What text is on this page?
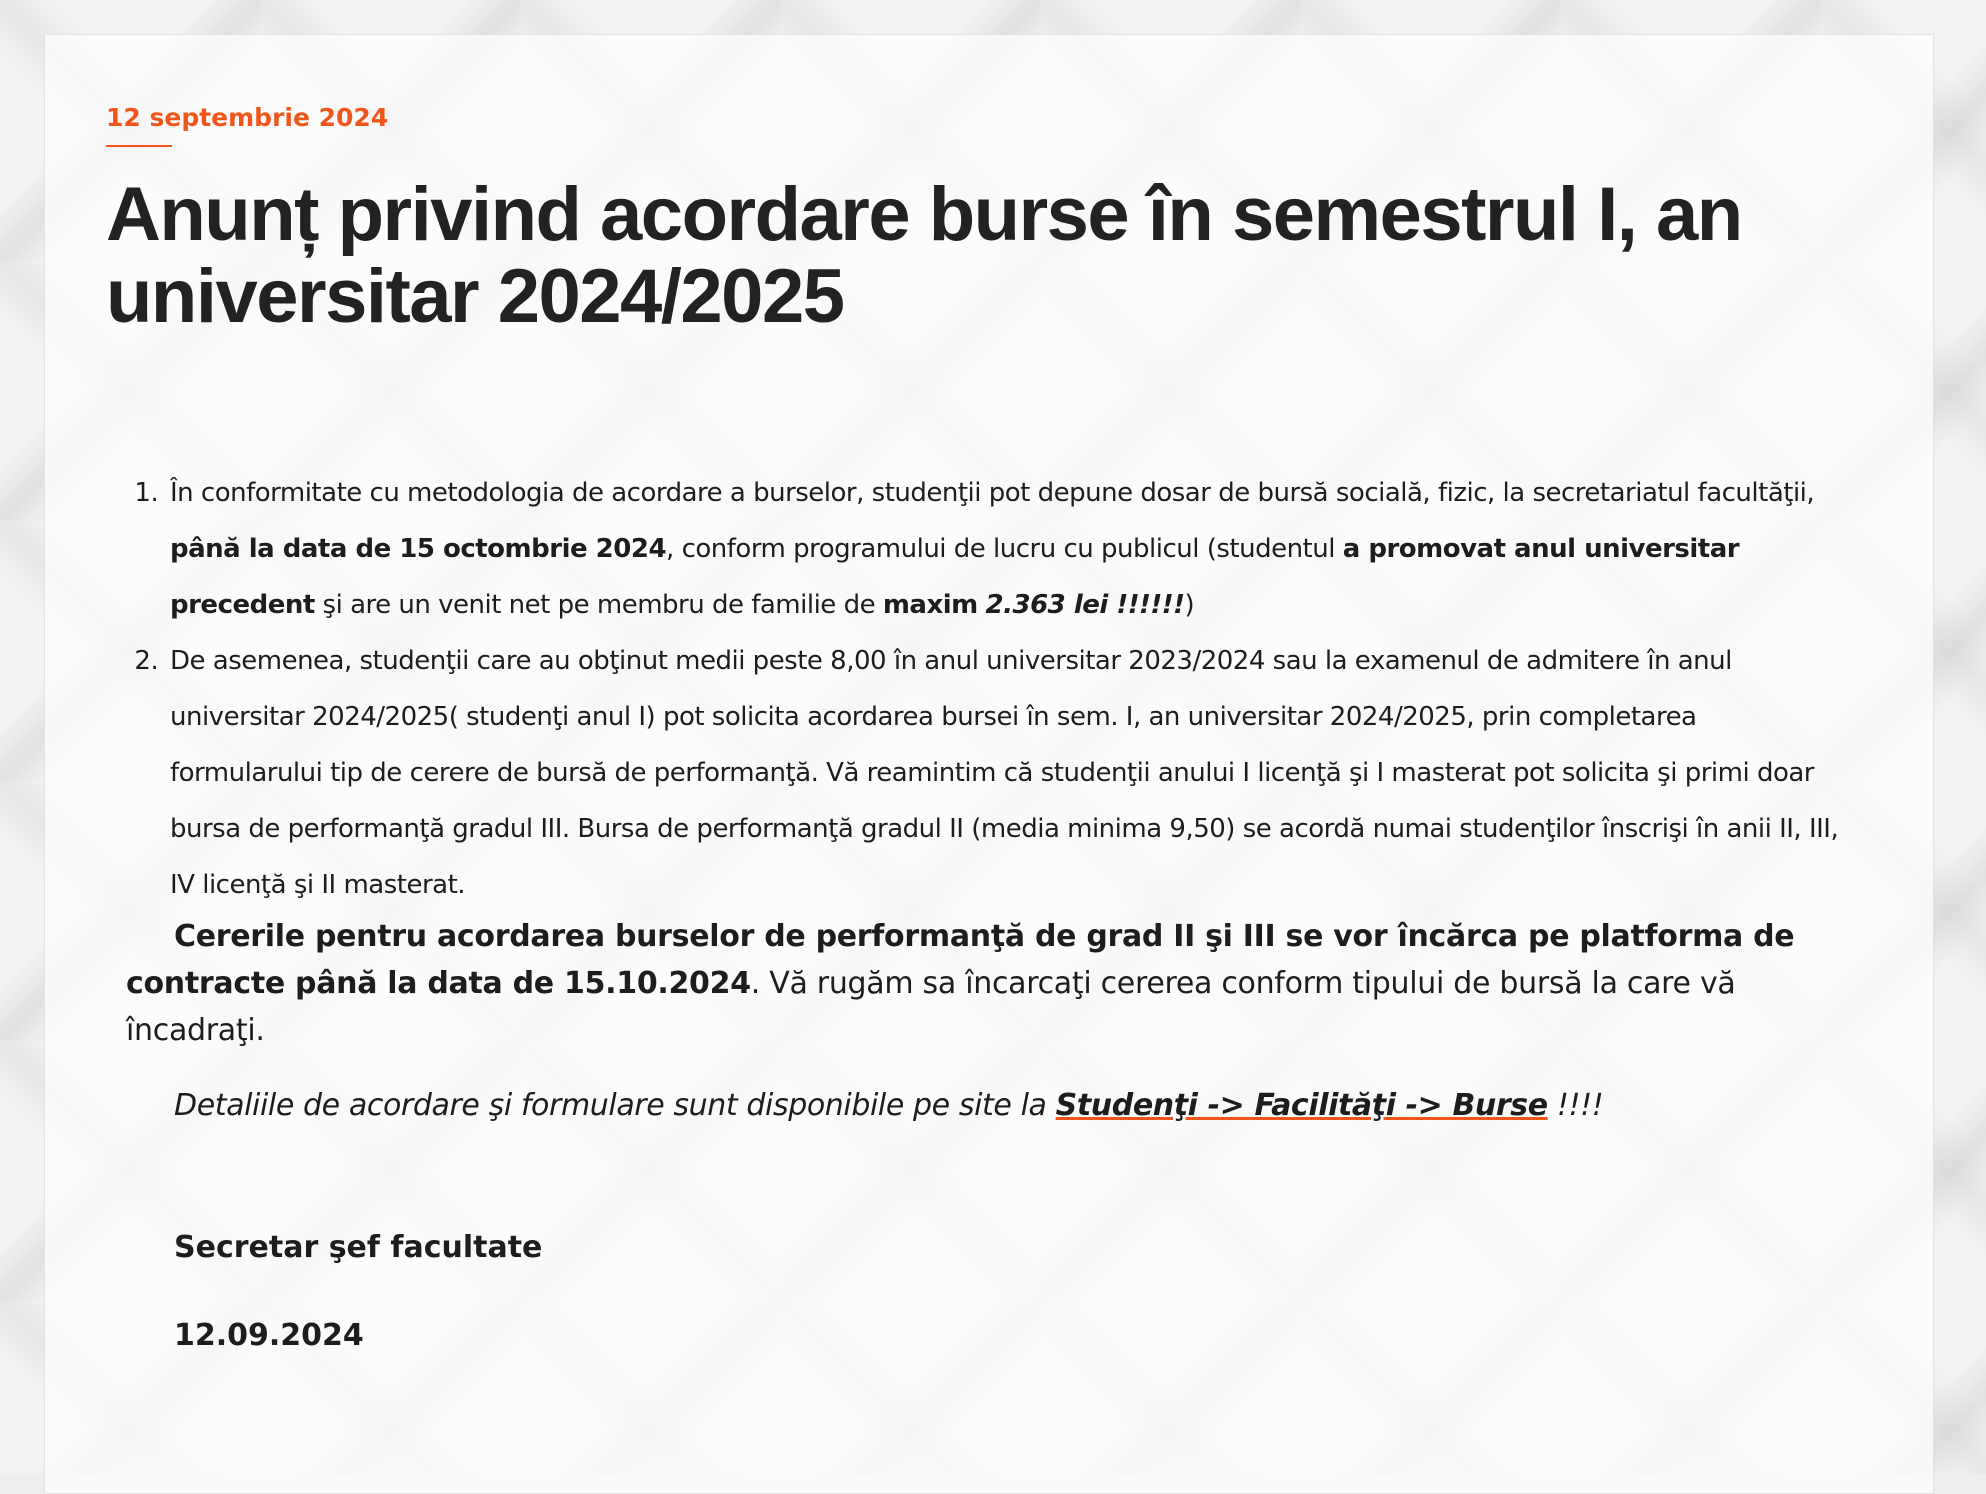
12 septembrie 2024

Anunț privind acordare burse în semestrul I, an universitar 2024/2025
1. În conformitate cu metodologia de acordare a burselor, studenţii pot depune dosar de bursă socială, fizic, la secretariatul facultăţii, până la data de 15 octombrie 2024, conform programului de lucru cu publicul (studentul a promovat anul universitar precedent şi are un venit net pe membru de familie de maxim 2.363 lei !!!!!!)
2. De asemenea, studenţii care au obţinut medii peste 8,00 în anul universitar 2023/2024 sau la examenul de admitere în anul universitar 2024/2025( studenţi anul I) pot solicita acordarea bursei în sem. I, an universitar 2024/2025, prin completarea formularului tip de cerere de bursă de performanţă. Vă reamintim că studenţii anului I licenţă şi I masterat pot solicita şi primi doar bursa de performanţă gradul III. Bursa de performanţă gradul II (media minima 9,50) se acordă numai studenţilor înscrişi în anii II, III, IV licenţă şi II masterat.

Cererile pentru acordarea burselor de performanţă de grad II şi III se vor încărca pe platforma de contracte până la data de 15.10.2024. Vă rugăm sa încarcaţi cererea conform tipului de bursă la care vă încadraţi.

Detaliile de acordare şi formulare sunt disponibile pe site la Studenţi -> Facilităţi -> Burse !!!!

Secretar şef facultate

12.09.2024
